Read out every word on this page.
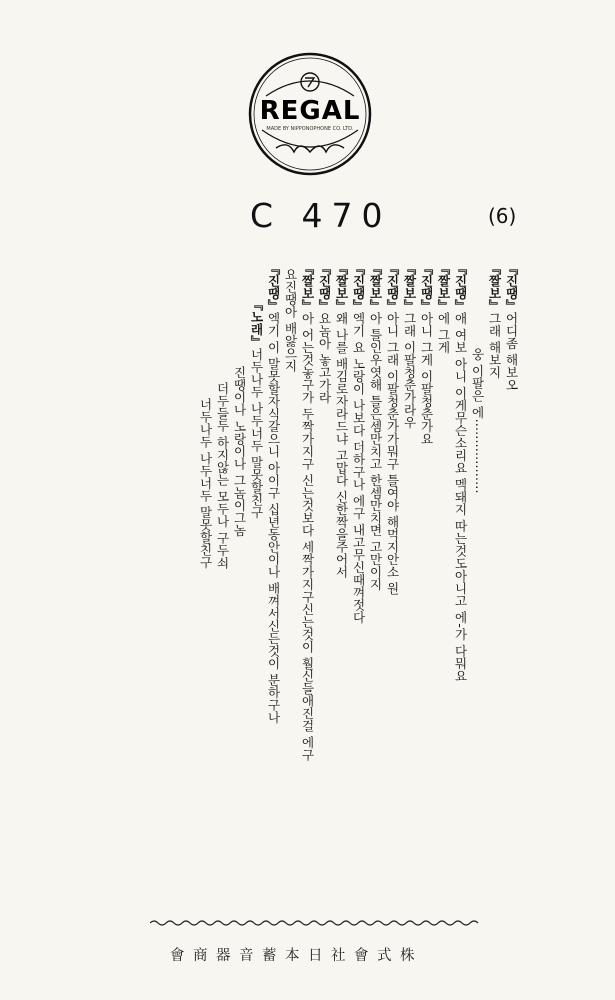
REGAL
MADE BY NIPPONOPHONE CO. LTD.
C 470	(6)
『진땡』어디좀 해보오
『짤보』그래 해보지
웅 이팔은 에⋯⋯⋯⋯⋯⋯
『진땡』애 여보 아니 이게무슨소리요 멕돼지 따는것도아니고 에-가 다뭐요
『짤보』에 그게
『진땡』아니 그게 이팔청춘가요
『짤보』그래 이팔청춘가라우
『진땡』아니 그래 이팔청춘가가뭐구 틀여야 해먹지안소 원
『짤보』아 틀인우엿해 틀은셈만치고 한셈만치면 고만이지
『진땡』엑기 요 노랑이 나보다 더하구나 에구 내고무신때껴젓다
『짤보』왜 나를 배김로자라드냐 고맙다 신한짝을주어서
『진땡』요놈아 놓고가라
『짤보』아 어는것놓구가 두짝가지구 신는것보다 세짝가지구신는것이 훨신들애진걸 에구
요진땡아 배앓으지
『진땡』엑기 이 말못할자식갈으니 아이구 십년동안이나 배껴서신든것이 분하구나
『노래』너두나두 나두너두 말못할친구
진땡이나 노랑이나 그놈이그놈
더두들두 하지않는 모두나 구두쇠
너두나두 나두너두 말못할친구
會商器音蓄本日社會式株
